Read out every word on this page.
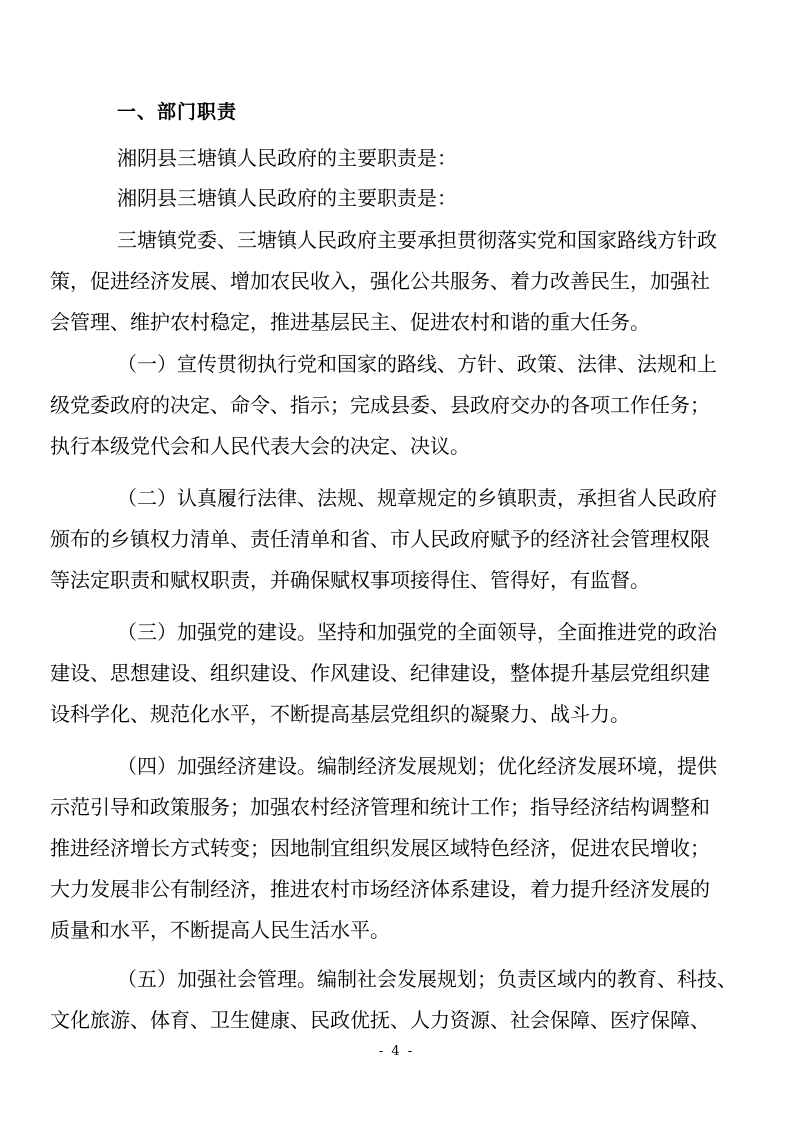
一、部门职责
湘阴县三塘镇人民政府的主要职责是：
湘阴县三塘镇人民政府的主要职责是：
三塘镇党委、三塘镇人民政府主要承担贯彻落实党和国家路线方针政
策，促进经济发展、增加农民收入，强化公共服务、着力改善民生，加强社
会管理、维护农村稳定，推进基层民主、促进农村和谐的重大任务。
（一）宣传贯彻执行党和国家的路线、方针、政策、法律、法规和上
级党委政府的决定、命令、指示；完成县委、县政府交办的各项工作任务；
执行本级党代会和人民代表大会的决定、决议。
（二）认真履行法律、法规、规章规定的乡镇职责，承担省人民政府
颁布的乡镇权力清单、责任清单和省、市人民政府赋予的经济社会管理权限
等法定职责和赋权职责，并确保赋权事项接得住、管得好，有监督。
（三）加强党的建设。坚持和加强党的全面领导，全面推进党的政治
建设、思想建设、组织建设、作风建设、纪律建设，整体提升基层党组织建
设科学化、规范化水平，不断提高基层党组织的凝聚力、战斗力。
（四）加强经济建设。编制经济发展规划；优化经济发展环境，提供
示范引导和政策服务；加强农村经济管理和统计工作；指导经济结构调整和
推进经济增长方式转变；因地制宜组织发展区域特色经济，促进农民增收；
大力发展非公有制经济，推进农村市场经济体系建设，着力提升经济发展的
质量和水平，不断提高人民生活水平。
（五）加强社会管理。编制社会发展规划；负责区域内的教育、科技、
文化旅游、体育、卫生健康、民政优抚、人力资源、社会保障、医疗保障、
- 4 -
